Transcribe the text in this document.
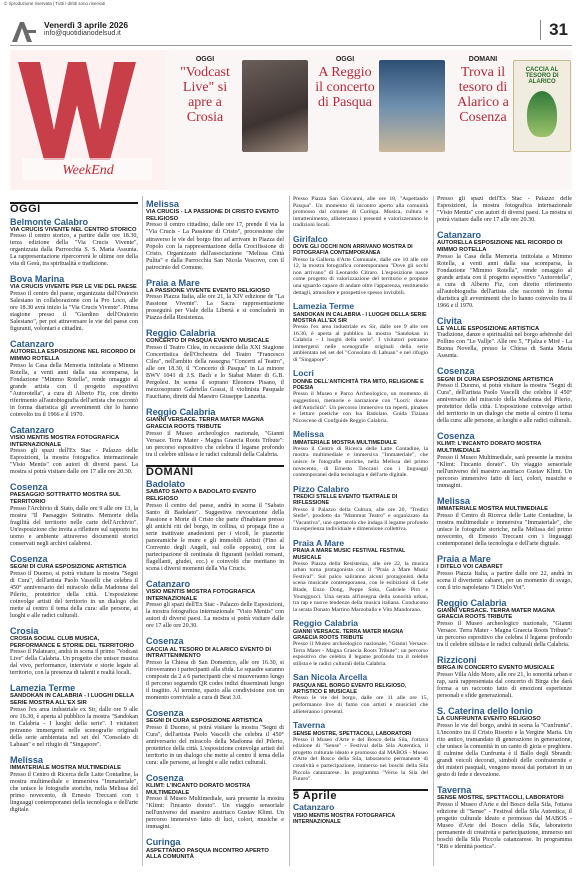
© riproduzione riservata | Tutti i diritti sono riservati
Venerdì 3 aprile 2026
info@quotidianodelsud.it	31
WeekEnd
OGGI
"Vodcast Live" si apre a Crosia
OGGI
A Reggio il concerto di Pasqua
DOMANI
Trova il tesoro di Alarico a Cosenza
CACCIA AL TESORO DI ALARICO
OGGI
Belmonte Calabro
VIA CRUCIS VIVENTE NEL CENTRO STORICO
Presso il centro storico, a partire dalle ore 18.30, terza edizione della "Via Crucis Vivente", organizzata dalla Parrocchia S. S. Maria Assunta. La rappresentazione ripercorrerà le ultime ore della vita di Gesù, tra spiritualità e tradizione.
Bova Marina
VIA CRUCIS VIVENTE PER LE VIE DEL PAESE
Presso il centro del paese, organizzata dall'Oratorio Salesiano in collaborazione con la Pro Loco, alle ore 18.30 avrà inizio la "Via Crucis Vivente". Prima stagione presso il "Giardino dell'Oratorio Salesiano", per poi attraversare le vie del paese con figuranti, volontari e cittadini.
Catanzaro
AUTORELLA ESPOSIZIONE NEL RICORDO DI MIMMO ROTELLA
Presso la Casa della Memoria intitolata a Mimmo Rotella, a venti anni dalla sua scomparsa, la Fondazione "Mimmo Rotella", rende omaggio al grande artista con il progetto espositivo "Autorotella", a cura di Alberto Fiz, con diretto riferimento all'autobiografia dell'artista che raccontò in forma diaristica gli avvenimenti che lo hanno coinvolto tra il 1966 e il 1970.
Catanzaro
VISIO MENTIS MOSTRA FOTOGRAFICA INTERNAZIONALE
Presso gli spazi dell'Ex Stac - Palazzo delle Esposizioni, la mostra fotografica internazionale "Visio Mentis" con autori di diversi paesi. La mostra si potrà visitare dalle ore 17 alle ore 20.30.
Cosenza
PAESAGGIO SOTTRATTO MOSTRA SUL TERRITORIO
Presso l'Archivio di Stato, dalle ore 9 alle ore 13, la mostra "Il Paesaggio Sottratto. Memorie della fragilità del territorio nelle carte dell'Archivio". Un'esposizione che invita a riflettere sul rapporto tra uomo e ambiente attraverso documenti storici conservati negli archivi calabresi.
Cosenza
SEGNI DI CURA ESPOSIZIONE ARTISTICA
Presso il Duomo, si potrà visitare la mostra "Segni di Cura", dell'artista Paolo Vascelli che celebra il 450° anniversario del miracolo della Madonna del Pilerio, protettrice della città. L'esposizione coinvolge artisti del territorio in un dialogo che mette al centro il tema della cura: alle persone, ai luoghi e alle radici culturali.
Crosia
CROSIA SOCIAL CLUB MUSICA, PERFORMANCE E STORIE DEL TERRITORIO
Presso il Palatearo, andrà in scena il primo "Vodcast Live" della Calabria. Un progetto che unisce musica dal vivo, performance, interviste e storie legate al territorio, con la presenza di talenti e realtà locali.
Lamezia Terme
SANDOKAN IN CALABRIA - I LUOGHI DELLA SERIE MOSTRA ALL'EX SIR
Presso l'ex area industriale ex Sir, dalle ore 9 alle ore 16.30, è aperta al pubblico la mostra "Sandokan in Calabria - I luoghi della serie". I visitatori potranno immergersi nelle scenografie originali della serie ambientata nel set del "Consolato di Labuan" e nel rifugio di "Singapore".
Melissa
IMMATERIALE MOSTRA MULTIMEDIALE
Presso il Centro di Ricerca delle Latte Contadine, la mostra multimediale e immersiva "Immateriale", che unisce le fotografie storiche, nella Melissa del primo novecento, di Ernesto Treccani con i linguaggi contemporanei della tecnologia e dell'arte digitale.
Melissa
VIA CRUCIS - LA PASSIONE DI CRISTO EVENTO RELIGIOSO
Presso il centro cittadino, dalle ore 17, prende il via la "Via Crucis - La Passione di Cristo", processione che attraverso le vie del borgo fino ad arrivare in Piazza del Popolo con la rappresentazione della Crocifissione di Cristo. Organizzato dall'associazione "Melissa Città Pulita" e dalla Parrocchia San Nicola Vescovo, con il patrocinio del Comune.
Praia a Mare
LA PASSIONE VIVENTE EVENTO RELIGIOSO
Presso Piazza Italia, alle ore 21, la XIV edizione de "La Passione Vivente". La Sacra rappresentazione proseguirà per Viale della Libertà e si concluderà in Piazza della Resistenza.
Reggio Calabria
CONCERTO DI PASQUA EVENTO MUSICALE
Presso il Teatro Cilea, in occasione della XXI Stagione Concertistica dell'Orchestra del Teatro "Francesco Cilea", nell'ambito della rassegna "Concerti al Teatro", alle ore 18.30, il "Concerto di Pasqua" in La minore BWV 1041 di J.S. Bach e lo Stabat Mater di G.B. Pergolesi. In scena il soprano Eleonora Pisano, il mezzosoprano Gabriella Grassi, il violinista Pasquale Faucitano, diretti dal Maestro Giuseppe Lanzetta.
Reggio Calabria
GIANNI VERSACE. TERRA MATER MAGNA GRAECIA ROOTS TRIBUTE
Presso il Museo archeologico nazionale, "Gianni Versace. Terra Mater - Magna Graecia Roots Tribute": un percorso espositivo che celebra il legame profondo tra il celebre stilista e le radici culturali della Calabria.
DOMANI
Badolato
SABATO SANTO A BADOLATO EVENTO RELIGIOSO
Presso il centro del paese, andrà in scena il "Sabato Santo di Badolato". Suggestiva rievocazione della Passione e Morte di Cristo che parte d'inabitare presso gli antichi riti del borgo, in collina, si propaga fino a serie inattivate anadesioni per i vicoli, le piazzette panoramiche le mure e gli immobili Artisti (Fino al Convento degli Angeli, sul colle opposto), con la partecipazione di centinaia di figuranti (soldati romani, flagellanti, giudei, ecc.) e coinvolti che meritano in scena i diversi momenti della Via Crucis.
Catanzaro
VISIO MENTIS MOSTRA FOTOGRAFICA INTERNAZIONALE
Presso gli spazi dell'Ex Stac - Palazzo delle Esposizioni, la mostra fotografica internazionale "Visio Mentis" con autori di diversi paesi. La mostra si potrà visitare dalle ore 17 alle ore 20.30.
Cosenza
CACCIA AL TESORO DI ALARICO EVENTO DI INTRATTENIMENTO
Presso la Chiesa di San Domenico, alle ore 16.30, si ritroveranno i partecipanti alla sfida. Le squadre saranno composte da 2 a 6 partecipanti che si muoveranno lungo il percorso seguendo QR codes indizi disseminati lungo il tragitto. Al termine, spazio alla condivisione con un momento conviviale a cura di Beat 3.0.
Cosenza
SEGNI DI CURA ESPOSIZIONE ARTISTICA
Presso il Duomo, si potrà visitare la mostra "Segni di Cura", dell'artista Paolo Vascelli che celebra il 450° anniversario del miracolo della Madonna del Pilerio, protettrice della città. L'esposizione coinvolge artisti del territorio in un dialogo che mette al centro il tema della cura: alle persone, ai luoghi e alle radici culturali.
Cosenza
KLIMT: L'INCANTO DORATO MOSTRA MULTIMEDIALE
Presso il Museo Multimediale, sarà presente la mostra "Klimt: l'incanto dorato". Un viaggio sensoriale nell'universo del maestro austriaco Gustav Klimt. Un percorso immersivo fatto di luci, colori, musiche e immagini.
Curinga
ASPETTANDO PASQUA INCONTRO APERTO ALLA COMUNITÀ
Presso Piazza San Giovanni, alle ore 18, "Aspettando Pasqua". Un momento di incontro aperto alla comunità promosso dal comune di Curinga. Musica, cultura e intrattenimento, allieteranno i presenti e valorizzeranno le tradizioni locali.
Girifalco
DOVE GLI OCCHI NON ARRIVANO MOSTRA DI FOTOGRAFIA CONTEMPORANEA
Presso la Galleria d'Arte Comunale, dalle ore 10 alle ore 12, la mostra fotografica contemporanea "Dove gli occhi non arrivano" di Leonardo Citraro. L'esposizione nasce come progetto di valorizzazione del territorio e propone una sguardo capace di andare oltre l'apparenza, restituendo dettagli, atmosfere e prospettive spesso invisibili.
Lamezia Terme
SANDOKAN IN CALABRIA - I LUOGHI DELLA SERIE MOSTRA ALL'EX SIR
Presso l'ex area industriale ex Sir, dalle ore 9 alle ore 16.30, è aperta al pubblico la mostra "Sandokan in Calabria - I luoghi della serie". I visitatori potranno immergersi nelle scenografie originali della serie ambientata nel set del "Consolato di Labuan" e nel rifugio di "Singapore".
Locri
DONNE DELL'ANTICHITÀ TRA MITO, RELIGIONE E POESIA
Presso il Museo e Parco Archeologico, un momento di suggestioni, memorie e narrazione con "Locri: donne dell'Antichità". Un percorso immersivo tra reperti, pinakes e letture poetiche con Isa Badolato. Guida Tiziana Nicoscene di Confguide Reggio Calabria.
Melissa
IMMATERIALE MOSTRA MULTIMEDIALE
Presso il Centro di Ricerca delle Latte Contadine, la mostra multimediale e immersiva "Immateriale", che unisce le fotografie storiche, nella Melissa del primo novecento, di Ernesto Treccani con i linguaggi contemporanei della tecnologia e dell'arte digitale.
Pizzo Calabro
TREDICI STELLE EVENTO TEATRALE DI RIFLESSIONE
Presso il Palazzo della Cultura, alle ore 20, "Tredici Stelle", prodotto da "Mammut Teatro" e organizzato da "Vacantiva", uno spettacolo che indaga il legame profondo tra esperienza individuale e dimensione collettiva.
Praia A Mare
PRAIA A MARE MUSIC FESTIVAL FESTIVAL MUSICALE
Presso Piazza della Resistenza, alle ore 22, la musica urban torna protagonista con il "Praia a Mare Music Festival". Sul palco saliranno alcuni protagonisti della scena musicale contemporanea, con le esibizioni di Lele Blade, Enzo Dong, Peppe Soks, Gabriele Piro e Younggucci. Una serata all'insegna della sonorità urban, tra rap e nuove tendenze della musica italiana. Conducono la serata Donato Martino Marzoballo e Vito Mandorano.
Reggio Calabria
GIANNI VERSACE. TERRA MATER MAGNA GRAECIA ROOTS TRIBUTE
Presso il Museo archeologico nazionale, "Gianni Versace. Terra Mater - Magna Graecia Roots Tribute": un percorso espositivo che celebra il legame profondo tra il celebre stilista e le radici culturali della Calabria.
San Nicola Arcella
PASQUA NEL BORGO EVENTO RELIGIOSO, ARTISTICO E MUSICALE
Presso le vie del borgo, dalle ore 11 alle ore 15, performance live di fumo con artisti e musicisti che allieteranno i presenti.
Taverna
SENSE MOSTRE, SPETTACOLI, LABORATORI
Presso il Museo d'Arte e del Bosco della Sila, l'ottava edizione di "Sense" - Festival della Sila Autentica, il progetto culturale ideato e promosso dal MABOS - Museo d'Arte del Bosco della Sila, laboratorio permanente di creatività e partecipazione, immerso nei boschi della Sila Piccola catanzarese. In programma "Verso la Sila del Futuro".
5 Aprile
Catanzaro
VISIO MENTIS MOSTRA FOTOGRAFICA INTERNAZIONALE
Presso gli spazi dell'Ex Stac - Palazzo delle Esposizioni, la mostra fotografica internazionale "Visio Mentis" con autori di diversi paesi. La mostra si potrà visitare dalle ore 17 alle ore 20.30.
Catanzaro
AUTORELLA ESPOSIZIONE NEL RICORDO DI MIMMO ROTELLA
Presso la Casa della Memoria intitolata a Mimmo Rotella, a venti anni dalla sua scomparsa, la Fondazione "Mimmo Rotella", rende omaggio al grande artista con il progetto espositivo "Autorotella", a cura di Alberto Fiz, con diretto riferimento all'autobiografia dell'artista che raccontò in forma diaristica gli avvenimenti che lo hanno coinvolto tra il 1966 e il 1970.
Civita
LE VALLIE ESPOSIZIONE ARTISTICA
Tradizione, danze e spiritualità nel borgo arbëreshë del Pollino con "Le Vallje". Alle ore 5, "Fjalza e Mirë - La Buona Novella, presso la Chiesa di Santa Maria Assunta.
Cosenza
SEGNI DI CURA ESPOSIZIONE ARTISTICA
Presso il Duomo, si potrà visitare la mostra "Segni di Cura", dell'artista Paolo Vascelli che celebra il 450° anniversario del miracolo della Madonna del Pilerio, protettrice della città. L'esposizione coinvolge artisti del territorio in un dialogo che mette al centro il tema della cura: alle persone, ai luoghi e alle radici culturali.
Cosenza
KLIMT: L'INCANTO DORATO MOSTRA MULTIMEDIALE
Presso il Museo Multimediale, sarà presente la mostra "Klimt: l'incanto dorato". Un viaggio sensoriale nell'universo del maestro austriaco Gustav Klimt. Un percorso immersivo fatto di luci, colori, musiche e immagini.
Melissa
IMMATERIALE MOSTRA MULTIMEDIALE
Presso il Centro di Ricerca delle Latte Contadine, la mostra multimediale e immersiva "Immateriale", che unisce le fotografie storiche, nella Melissa del primo novecento, di Ernesto Treccani con i linguaggi contemporanei della tecnologia e dell'arte digitale.
Praia a Mare
I DITELO VOI CABARET
Presso Piazza Italia, a partire dalle ore 22, andrà in scena il divertente cabaret, per un momento di svago, con il trio napoletano "I Ditelo Voi".
Reggio Calabria
GIANNI VERSACE. TERRA MATER MAGNA GRAECIA ROOTS TRIBUTE
Presso il Museo archeologico nazionale, "Gianni Versace. Terra Mater - Magna Graecia Roots Tribute": un percorso espositivo che celebra il legame profondo tra il celebre stilista e le radici culturali della Calabria.
Rizziconi
BIRGA IN CONCERTO EVENTO MUSICALE
Presso Villa Aldo Moro, alle ore 21, lo sonorità urban e rap, sarà rappresentata dal concerto di Birga che darà forma a un racconto fatto di emozioni esperienze personali e sfide generazionali.
S. Caterina dello Ionio
LA CUNFRUNTA EVENTO RELIGIOSO
Presso le vie del borgo, andrà in scena la "Cunfrunta". L'incontro tra il Cristo Risorto e la Vergine Maria. Un rito antico, tramandato di generazione in generazione, che unisce la comunità in un canto di gioia e preghiera. Il culmine della Cunfrunta è il Ballo degli Sbrandi: grandi veicoli decorati, simboli delle confraternite e dei misteri pasquali, vengono mossi dai portatori in un gesto di fede e devozione.
Taverna
SENSE MOSTRE, SPETTACOLI, LABORATORI
Presso il Museo d'Arte e del Bosco della Sila, l'ottava edizione di "Sense" - Festival della Sila Autentica, il progetto culturale ideato e promosso dal MABOS - Museo d'Arte del Bosco della Sila, laboratorio permanente di creatività e partecipazione, immerso nei boschi della Sila Piccola catanzarese. In programma "Riti e identità poetica".
